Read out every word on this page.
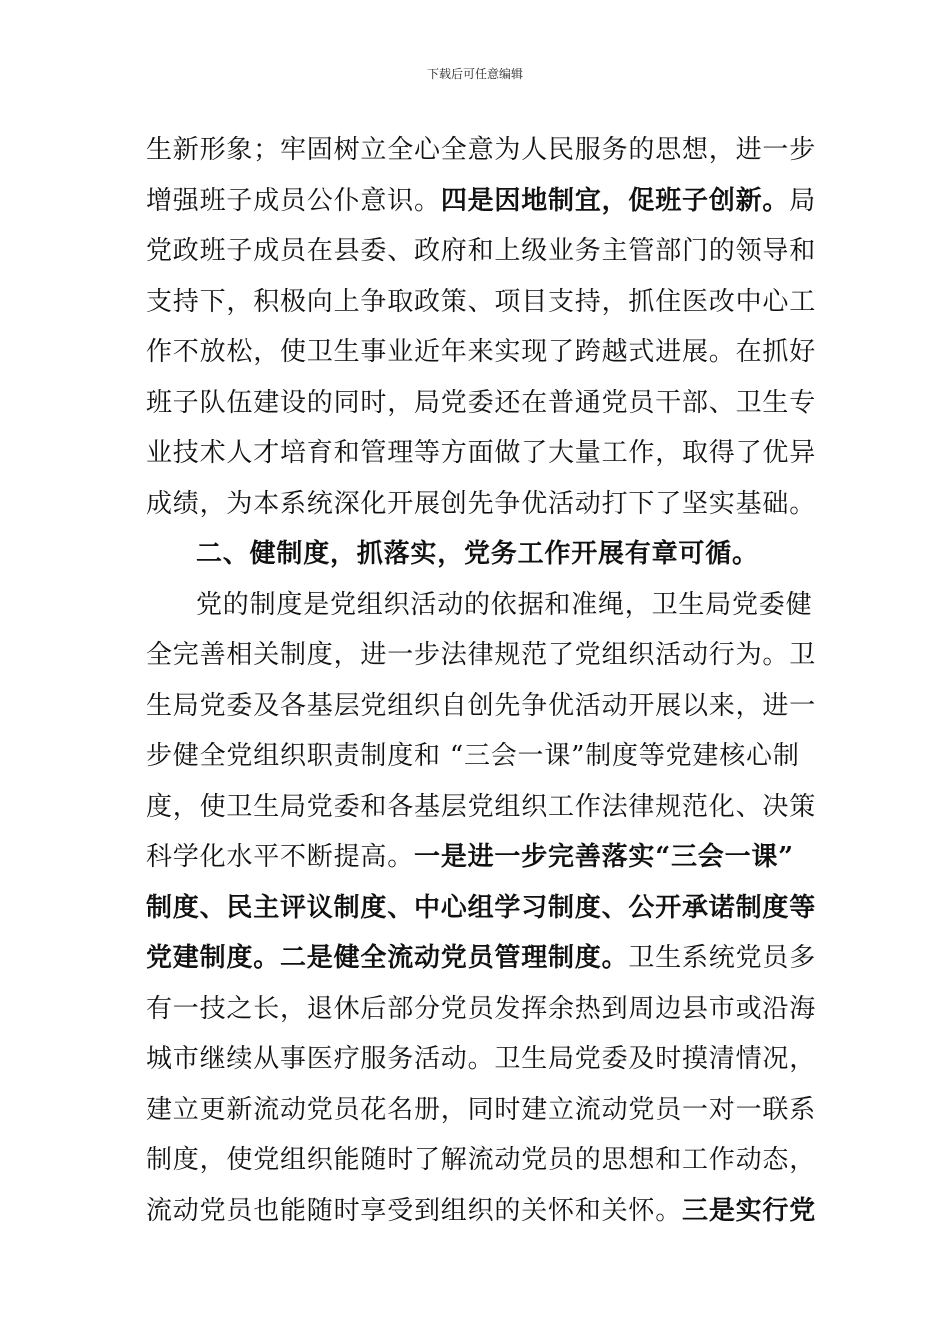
下载后可任意编辑
生新形象；牢固树立全心全意为人民服务的思想，进一步
增强班子成员公仆意识。四是因地制宜，促班子创新。局
党政班子成员在县委、政府和上级业务主管部门的领导和
支持下，积极向上争取政策、项目支持，抓住医改中心工
作不放松，使卫生事业近年来实现了跨越式进展。在抓好
班子队伍建设的同时，局党委还在普通党员干部、卫生专
业技术人才培育和管理等方面做了大量工作，取得了优异
成绩，为本系统深化开展创先争优活动打下了坚实基础。
二、健制度，抓落实，党务工作开展有章可循。
党的制度是党组织活动的依据和准绳，卫生局党委健
全完善相关制度，进一步法律规范了党组织活动行为。卫
生局党委及各基层党组织自创先争优活动开展以来，进一
步健全党组织职责制度和 “三会一课”制度等党建核心制
度，使卫生局党委和各基层党组织工作法律规范化、决策
科学化水平不断提高。一是进一步完善落实“三会一课”
制度、民主评议制度、中心组学习制度、公开承诺制度等
党建制度。二是健全流动党员管理制度。卫生系统党员多
有一技之长，退休后部分党员发挥余热到周边县市或沿海
城市继续从事医疗服务活动。卫生局党委及时摸清情况，
建立更新流动党员花名册，同时建立流动党员一对一联系
制度，使党组织能随时了解流动党员的思想和工作动态，
流动党员也能随时享受到组织的关怀和关怀。三是实行党
